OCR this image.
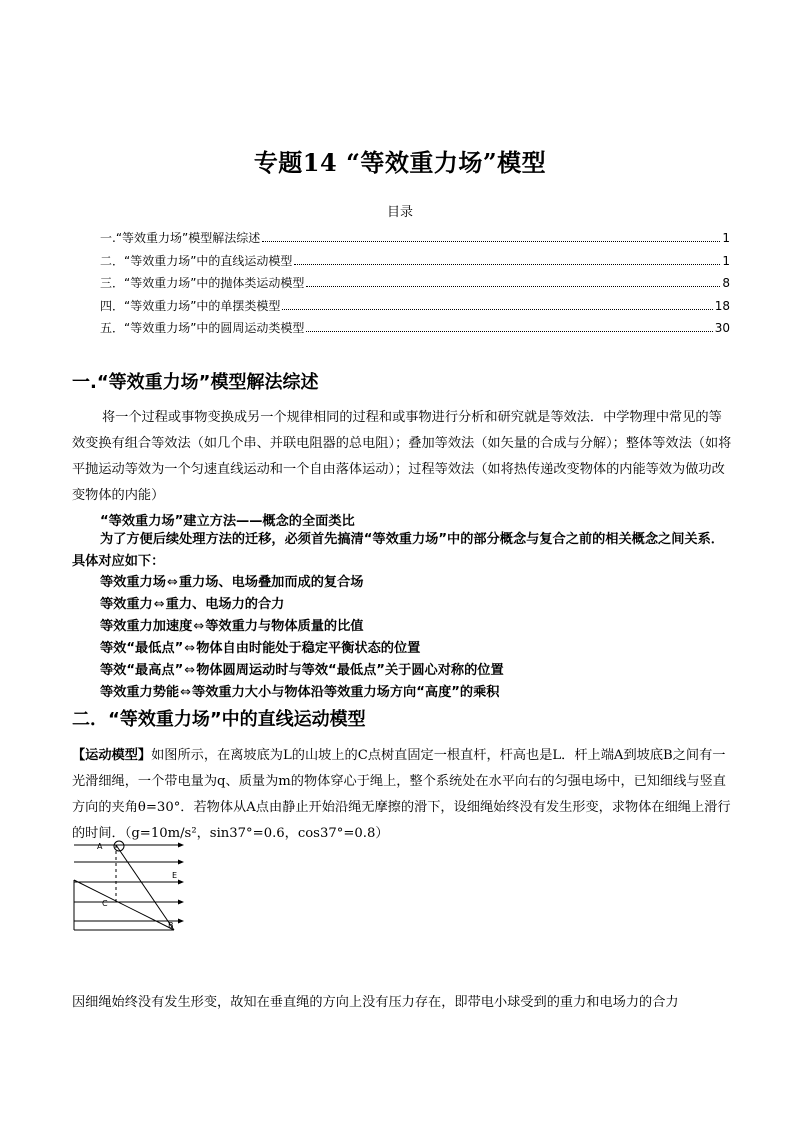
专题14 “等效重力场”模型
目录
一.“等效重力场”模型解法综述	1
二．“等效重力场”中的直线运动模型	1
三．“等效重力场”中的抛体类运动模型	8
四．“等效重力场”中的单摆类模型	18
五．“等效重力场”中的圆周运动类模型	30
一.“等效重力场”模型解法综述
将一个过程或事物变换成另一个规律相同的过程和或事物进行分析和研究就是等效法．中学物理中常见的等效变换有组合等效法（如几个串、并联电阻器的总电阻）；叠加等效法（如矢量的合成与分解）；整体等效法（如将平抛运动等效为一个匀速直线运动和一个自由落体运动）；过程等效法（如将热传递改变物体的内能等效为做功改变物体的内能）
“等效重力场”建立方法——概念的全面类比
为了方便后续处理方法的迁移，必须首先搞清“等效重力场”中的部分概念与复合之前的相关概念之间关系．具体对应如下：
等效重力场⇔重力场、电场叠加而成的复合场
等效重力⇔重力、电场力的合力
等效重力加速度⇔等效重力与物体质量的比值
等效“最低点”⇔物体自由时能处于稳定平衡状态的位置
等效“最高点”⇔物体圆周运动时与等效“最低点”关于圆心对称的位置
等效重力势能⇔等效重力大小与物体沿等效重力场方向“高度”的乘积
二．“等效重力场”中的直线运动模型
【运动模型】如图所示，在离坡底为L的山坡上的C点树直固定一根直杆，杆高也是L．杆上端A到坡底B之间有一光滑细绳，一个带电量为q、质量为m的物体穿心于绳上，整个系统处在水平向右的匀强电场中，已知细线与竖直方向的夹角θ=30°．若物体从A点由静止开始沿绳无摩擦的滑下，设细绳始终没有发生形变，求物体在细绳上滑行的时间．（g=10m/s²，sin37°=0.6，cos37°=0.8）
A
C
E
B
因细绳始终没有发生形变，故知在垂直绳的方向上没有压力存在，即带电小球受到的重力和电场力的合力
